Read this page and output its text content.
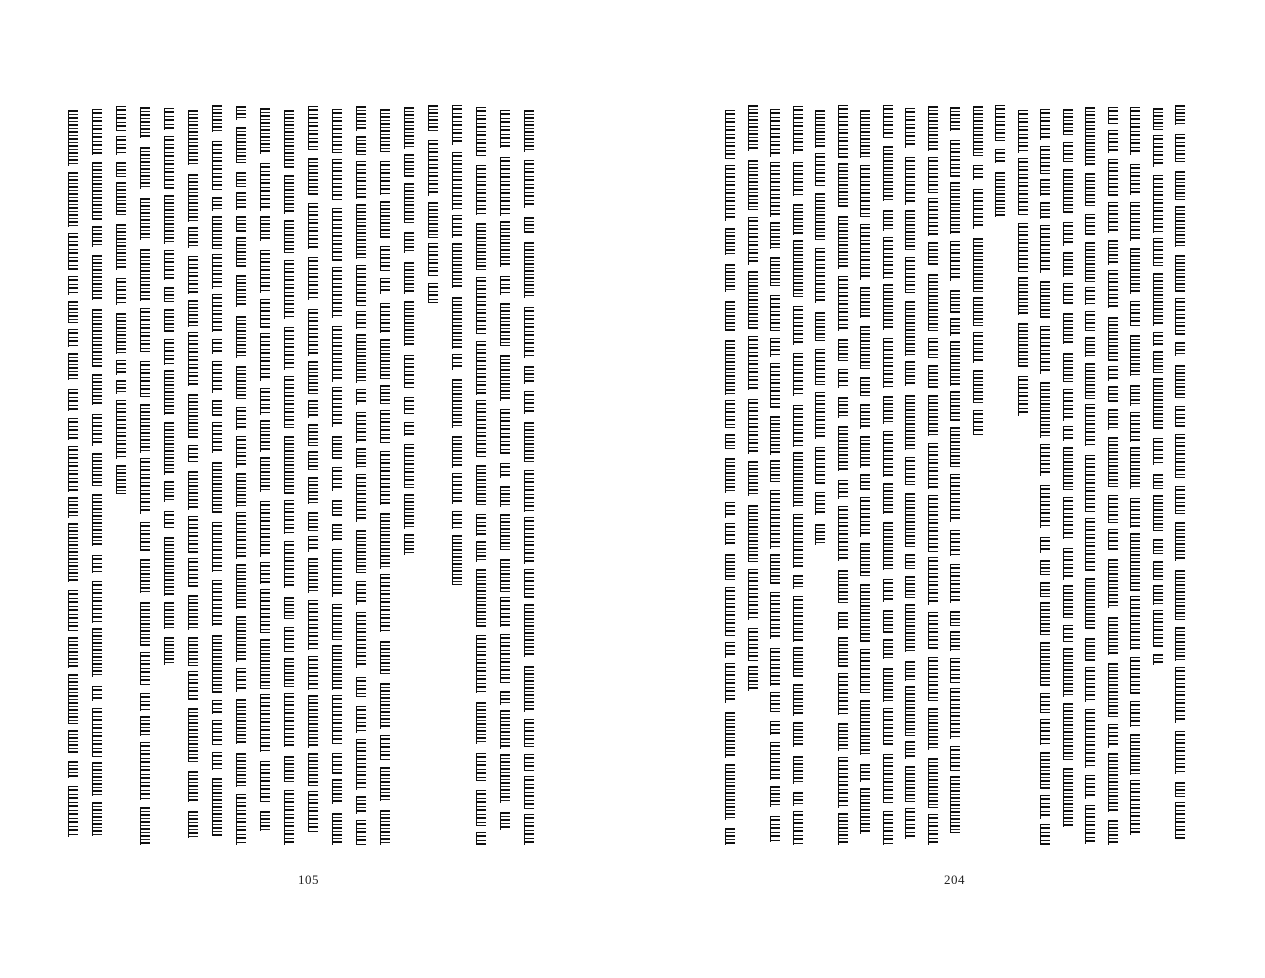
105	204
